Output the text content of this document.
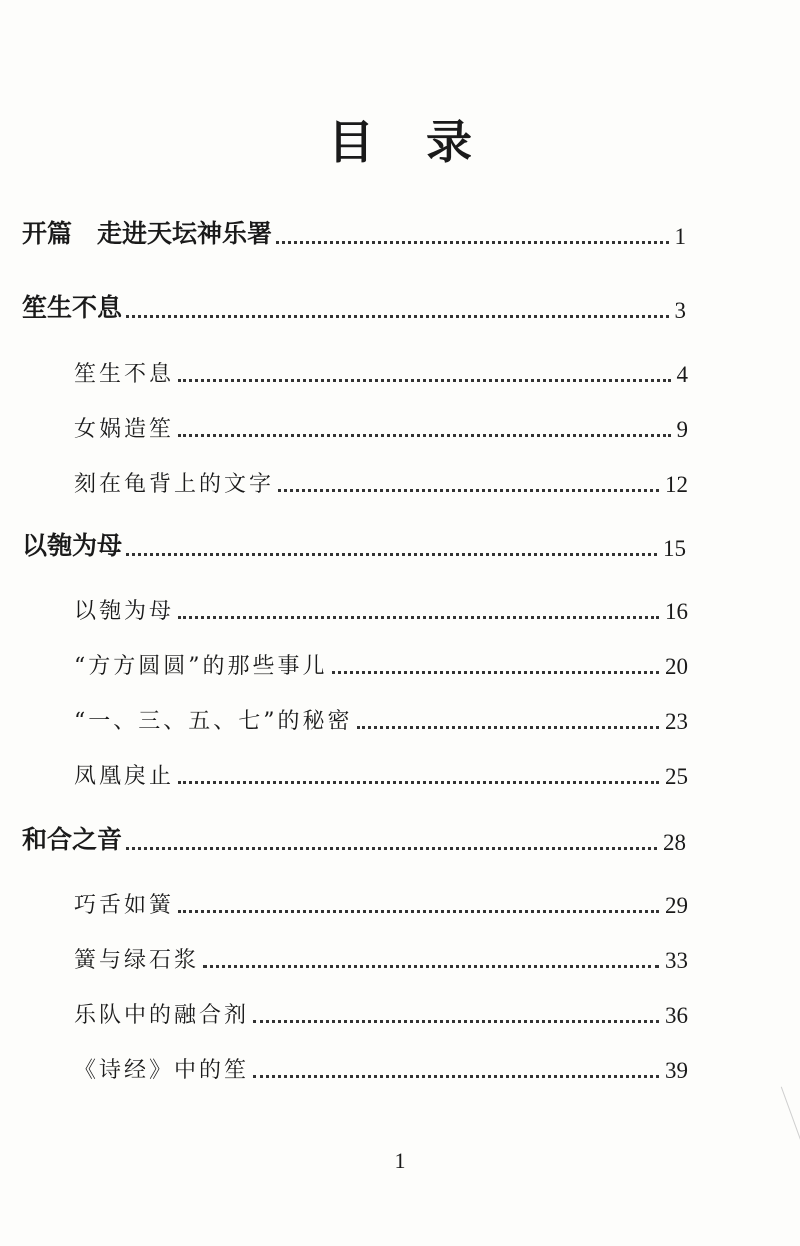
目 录
开篇　走进天坛神乐署	1
笙生不息	3
笙生不息	4
女娲造笙	9
刻在龟背上的文字	12
以匏为母	15
以匏为母	16
“方方圆圆”的那些事儿	20
“一、三、五、七”的秘密	23
凤凰戾止	25
和合之音	28
巧舌如簧	29
簧与绿石浆	33
乐队中的融合剂	36
《诗经》中的笙	39
1
